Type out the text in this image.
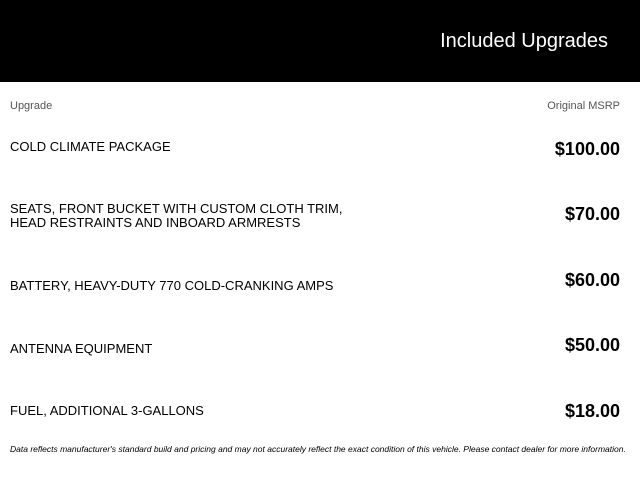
Included Upgrades
Upgrade	Original MSRP
COLD CLIMATE PACKAGE	$100.00
SEATS, FRONT BUCKET WITH CUSTOM CLOTH TRIM,
HEAD RESTRAINTS AND INBOARD ARMRESTS	$70.00
BATTERY, HEAVY-DUTY 770 COLD-CRANKING AMPS	$60.00
ANTENNA EQUIPMENT	$50.00
FUEL, ADDITIONAL 3-GALLONS	$18.00
Data reflects manufacturer's standard build and pricing and may not accurately reflect the exact condition of this vehicle. Please contact dealer for more information.
